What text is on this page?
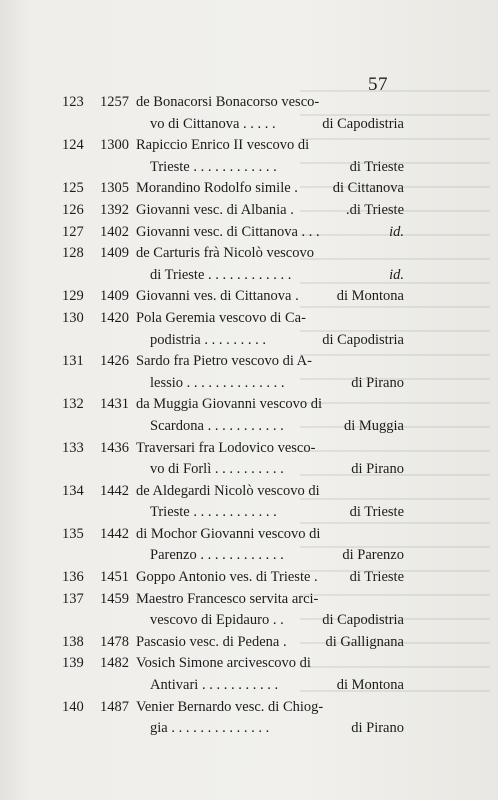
57
123	1257 de Bonacorsi Bonacorso vesco-
vo di Cittanova . . . . .	di Capodistria
124	1300 Rapiccio Enrico II vescovo di
Trieste . . . . . . . . . . . .	di Trieste
125	1305 Morandino Rodolfo simile .	di Cittanova
126	1392 Giovanni vesc. di Albania .	.di Trieste
127	1402 Giovanni vesc. di Cittanova . . .	id.
128	1409 de Carturis frà Nicolò vescovo
di Trieste . . . . . . . . . . . .	id.
129	1409 Giovanni ves. di Cittanova .	di Montona
130	1420 Pola Geremia vescovo di Ca-
podistria . . . . . . . . .	di Capodistria
131	1426 Sardo fra Pietro vescovo di A-
lessio . . . . . . . . . . . . . .	di Pirano
132	1431 da Muggia Giovanni vescovo di
Scardona . . . . . . . . . . .	di Muggia
133	1436 Traversari fra Lodovico vesco-
vo di Forlì . . . . . . . . . .	di Pirano
134	1442 de Aldegardi Nicolò vescovo di
Trieste . . . . . . . . . . . .	di Trieste
135	1442 di Mochor Giovanni vescovo di
Parenzo . . . . . . . . . . . .	di Parenzo
136	1451 Goppo Antonio ves. di Trieste .	di Trieste
137	1459 Maestro Francesco servita arci-
vescovo di Epidauro . .	di Capodistria
138	1478 Pascasio vesc. di Pedena .	di Gallignana
139	1482 Vosich Simone arcivescovo di
Antivari . . . . . . . . . . .	di Montona
140	1487 Venier Bernardo vesc. di Chiog-
gia . . . . . . . . . . . . . .	di Pirano
